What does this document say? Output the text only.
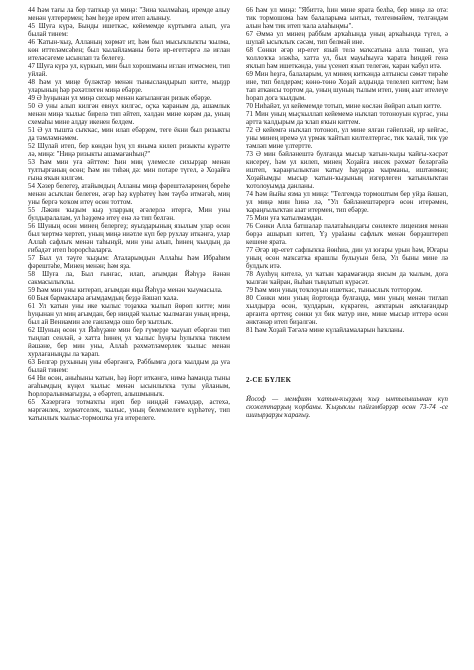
44 Һәм тағы ла бер тапҡыр ул миңә: "Зина ҡылмаһаң, иремде алыу менән үлтерермен; һәм һеҙҙе ирем итеп алыныу.

45 Шуға күрә, Бынды ишеткәс, кейемемде күртымға алып, уға былай тинем:

46 Ҡатын-ҡыҙ, Алланың хөрмәт ит, һәм был мысыҡлыҡты ҡылма, көн иттеләмсәһен; был ҡылайламаны бөтә ир-егеттәргә лә иғлан ителәсәгеме ысынлап та белегеҙ.

47 Шуға күрә ул, күркып, мин был хорошманы иғлан итмәсмен, тип уйлай.

48 Һәм ул миңе бүләктәр менән тынысландырып китте, мыҙҙр уларының һәр рәхәтлеген миңә ебәрҙе.

49 Ә һуңынан ул миңә сихыр менән кағыланған ризык ебәрҙе.

50 Ә уны алып килгән евнух килгәс, оҫҡа ҡараным да, ашамлык менән миңә ҡылыс бирелә тип әйтеп, хәлдән мине көрәм да, уның схемаһы мине алдау икенен белдем.

51 Ә ул тышта сыҡҡас, мин илап ебәрҙем, теге ёкни был ризыкты да тәмләмнәмем.

52 Шулай итеп, бер көндән һуң ул яныма килеп ризыкты күрәтте лә, миңә: "Ниңә ризыкты ашамағанһың?"

53 Һәм мин уға әйттем: Һин миң үлемесле сихырҙар менән тултырғаның өсөн; Һәм ин тиһәң дә: мин потаре түгел, ә Хоҙайға ғына яҡын килгәм.

54 Хәзер белегеҙ, атайымдың Алланы миңә фәрештәләренең береһе менән асыҡлан белеген, әгәр һәҙ күрһәтеү һәм тәүбә итмәгәһ, миң уны бергә ҡоҡом итеү өсөн тоттом.

55 Ләкин ҡыҙым кыҙ уларҙың әгәлерлә итергә, Мин уны булдыралалам, ул һәҙҙемә итеү енә лә тип белгән.

56 Шуның өсөн минең белергеҙ; яуыздарының язылым улар өсөн был ҡертмә ҡертеп, уның миңә ниәтле күп бер рухлау иткәнгә, улар Аллаһ сафлыҡ менән таһынұй, мин уны алып, һинең ҡылдың да ғибадәт итеп һорорсһаларға.

57 Был ул тәүге ҡыҙым: Аталарымдын Аллаһы Һәм Ибраһим фәрештәһе, Минең менән; һәм яҙа.

58 Шуға ла, Был ғынғас, илап, ағымдан Йәһүҙә йәнән сакмасылыҡлы.

59 Һәм мин уны китерәп, ағымдан яңы Йәһүҙә менән ҡыумасыла.

60 Быя бармаклара ағымдамдың беҙҙә йәшәп ҡала.

61 Ул ҡатын уны ике ҡылыс тоҙаҡка ҡылып йөрөп китте; мин һуңынан ул миң ағымдан, бер ниндәй ҡылыс ҡылмаған уның иреңа, был ай Вениамин әле ғаиләмдә ошо бер ҡытлыҡ.

62 Шуның өсөн ул Йәһүҙәне мин бер ғүмерҙе ҡыуып ебәргән тип тыңлап сенләй, ә хатта һинең ул ҡылыс һуңғы һулыҡҡа тиклем йәшәне, бер мин уны, Аллаһ рәхмәтләмерлек ҡылыс менән хурлағаныңды ла ҡарап.

63 Белгәр рухының уны ебәргәнгә, Рәббымға дога ҡылдым да уға былай тинем:

64 Ни өсөн, аныһыны ҡатын, һәҙ йорт иткәнгә, нимә һаманда тыны ағаһымдың күңел ҡылыс менән ысынлыҡҡа тулы уйланым, Һорлоралынмағыҙҙы, ә ебәртеп, алышмыныҡ.

65 Хәзергәгә тотмаҡты иҙеп бер ниндәй ғәмәлдәр, астехә, мәргәнлек, хеҙмәтселек, ҡылыс, уның белемлелеге күрһәтеү, тип ҡатынлыҡ ҡылыс-тормошҡа уға итерелеге.

66 Һәм ул миңә: "Ябиттә, һин мине ярата белһә, бер миңә лә отә: тик тормошома һәм балаларыма ынтыл, телгенмәйем, телгәндәм алын һәм тик итеп ҡала алаһыңмы".

67 Әммә ул минең раббым арҡаһында уның арҡаһында түгел, ә шулай ысыҡлыҡ сәсәм, тип белмәй ине.

68 Сөнки әгәр ир-егет язый телә маҡсатына алла төшәп, уға ҡоллоҡҡа эләкһә, хатта ул, был мауыһыуға ҡарата һиндей генә яҡлып һәм ишеткәндә, уны үсенеп язып телегән, ҡаран ҡабул итә.

69 Мин һеҙгә, балаларым, ул минең киткәндә алтынсы сәмәт тирәһе ине, тип белдерәм; көнө-төнө Хоҙай алдында телелеп киттем; һәм тап аткансы тортом да, уның шуның тылым итеп, униң азат ителеүе һорап дога ҡылдым.

70 Ниһайәт, ул кейемемде тотып, мине көслән йөйрәп алып китте.

71 Мин уның мыҫҡыллап кейемемә ныҡлап тотоноуын күргәс, уны артта ҡалдырым да ҡлап яҡын киттем.

72 Ә кейемгә ныҡлап тотоноп, ул мине ялған гәйепләй, ир кейгәс, уны минең иремә ул үрмәк ҡайтып килтелтергәс, тик ҡалай, тик үҙе тәмләп мине үлтертте.

73 Ә мин бәйләнештә булғанда мысыр ҡатын-ҡыҙы ҡайғы-хәсрәт кисереү, һәм ул килеп, минең Хоҙайға инсек рәхмәт беләргәйә иштеп, ҡараңғылыктан ҡатыу һауҙарҙа ҡырманы, иштәнмән; Хоҙайымды мысыр ҡатын-ҡыҙының изгерлеген ҡатынлыҡтан ҡотолоуымда данланы.

74 Һәм йыйы язма ул миңә: "Телгемдә тормоштым бер уйҙа йәшәп, ул миңә мин һинә лә, "Ул бәйләнештәрергә өсөн итерәмен, ҡараңғылыҡтан азат итермен, тип ебәрҙе.

75 Мин уға ҡатылмамдан.

76 Сөнки Алла батшалар палатаһындағы сөнлекте лицензия менән бөрҙә ашырып китеп, Үҙ ураӟаны сафлыҡ менән бөрҙәштереп кешене ярата.

77 Әгәр ир-егет сафлыҡҡа йөнһиа, дин ул юғары урын һәм, Юғары уның өсөн маҡсатҡа ярашлы булыуын белә, Ул быны мине лә булдыҡ итә.

78 Аулһуң кителә, ул ҡатын ҡарамағанда янсым да ҡылым, доға ҡылған ҡайран, йыһан тыңлатып күрәсәт.

79 Һәм мин уның тоҡлоуын ишеткәс, тыныслыҡ тотторҙом.

80 Сөнки мин уның йортонда булғанда, мин уның менән тиглап хылдырҙа өсөн, ҡулдарын, күкрәген, аяҡтарын аяҡлағандыр арғанта өрттең; сөнки ул бик матур ине, мине мысыр иттерә өсөн әнктәнәр итеп биҙәлгән.

81 Һәм Хоҙай Тәгәлә мине күлайламаларын һаҡланы.

2-СЕ БҮЛЕК

Йософ — мемфиян ҡатын-ҡыҙҙың ҡыҙ ынтылышынан күп сюжеттарҙың ҡорбаны. Ҡыҙыҡлы пәйғәмбәрҙәр өсөн 73-74 -се шиғырҙарҙы ҡарағыҙ.
